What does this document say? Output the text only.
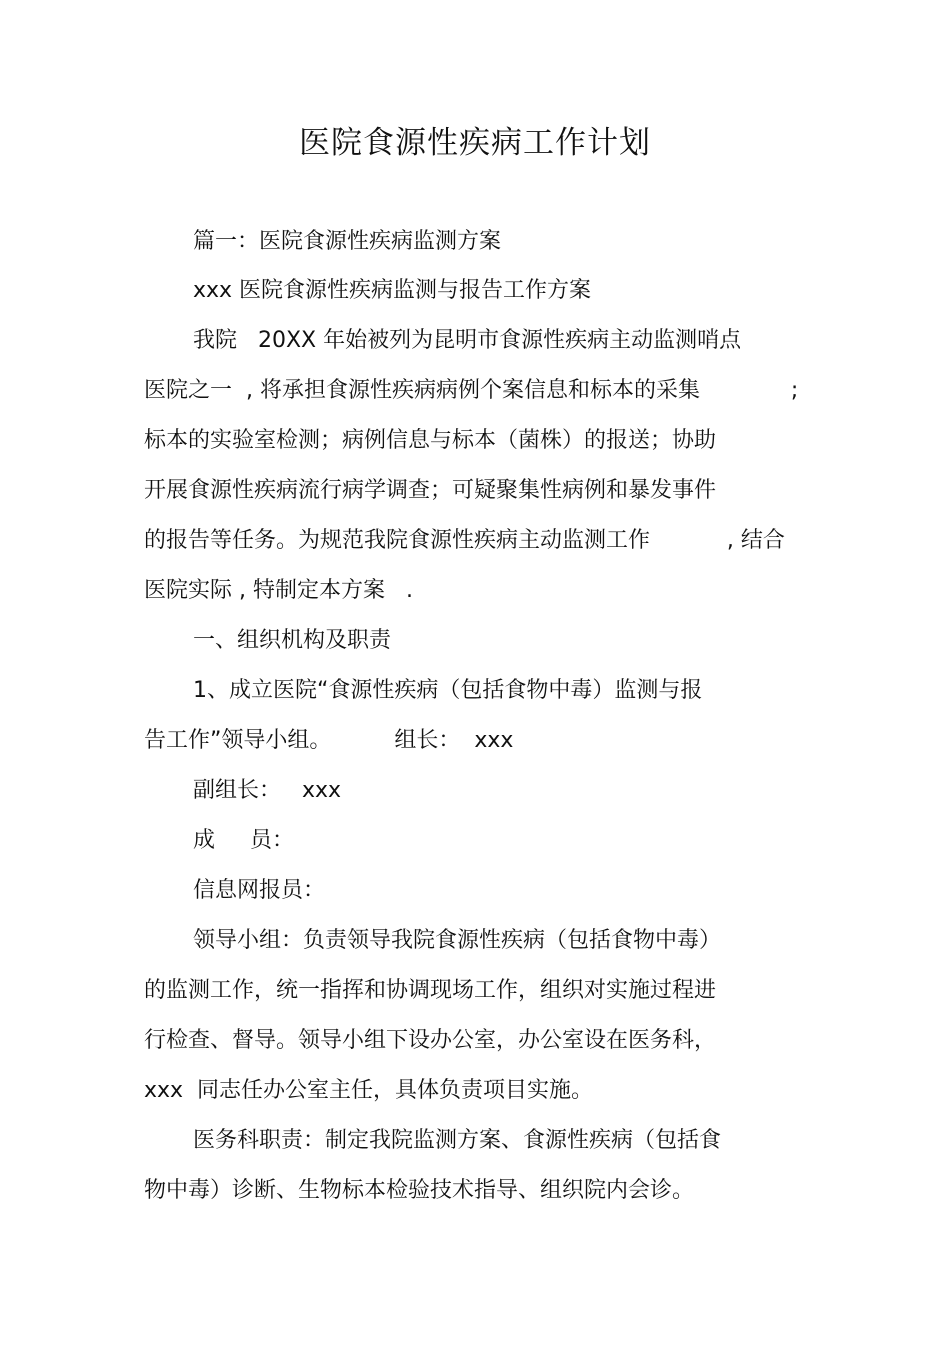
医院食源性疾病工作计划
篇一：医院食源性疾病监测方案
xxx 医院食源性疾病监测与报告工作方案
我院   20XX 年始被列为昆明市食源性疾病主动监测哨点
医院之一  , 将承担食源性疾病病例个案信息和标本的采集             ;
标本的实验室检测；病例信息与标本（菌株）的报送；协助
开展食源性疾病流行病学调查；可疑聚集性病例和暴发事件
的报告等任务。为规范我院食源性疾病主动监测工作           , 结合
医院实际 , 特制定本方案   .
一、组织机构及职责
1、成立医院“食源性疾病（包括食物中毒）监测与报
告工作”领导小组。         组长：  xxx
副组长：   xxx
成     员：
信息网报员：
领导小组：负责领导我院食源性疾病（包括食物中毒）
的监测工作，统一指挥和协调现场工作，组织对实施过程进
行检查、督导。领导小组下设办公室，办公室设在医务科，
xxx  同志任办公室主任，具体负责项目实施。
医务科职责：制定我院监测方案、食源性疾病（包括食
物中毒）诊断、生物标本检验技术指导、组织院内会诊。
